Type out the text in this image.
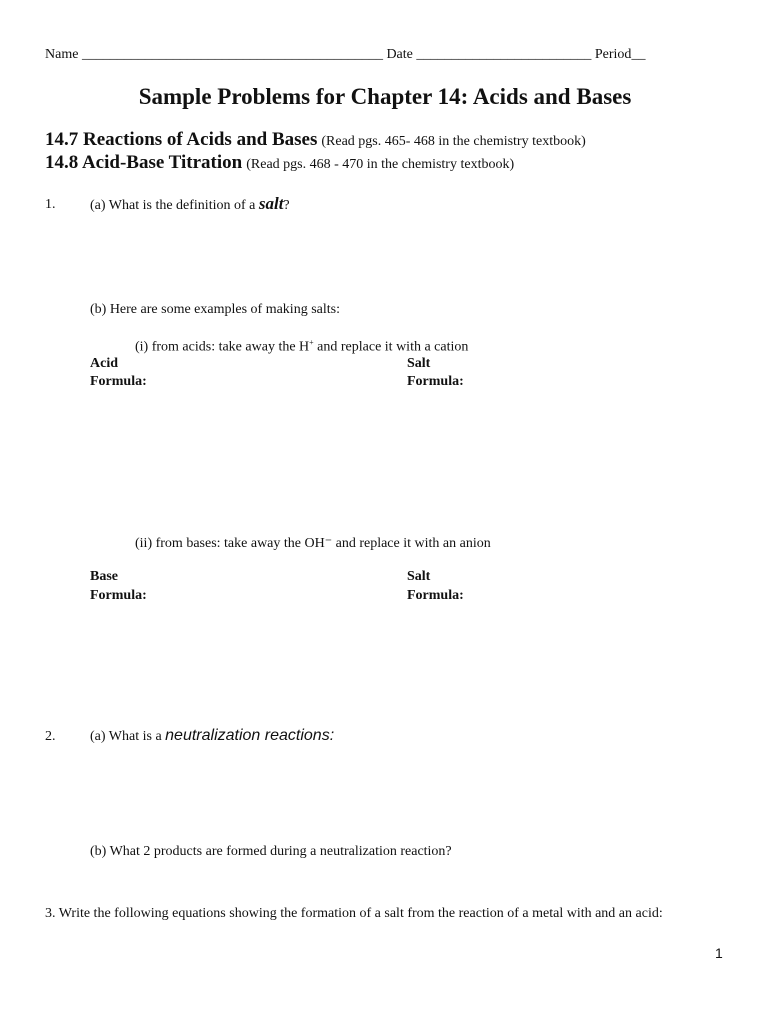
Name ___________________________________________ Date _________________________ Period__
Sample Problems for Chapter 14: Acids and Bases
14.7 Reactions of Acids and Bases (Read pgs. 465- 468 in the chemistry textbook)
14.8 Acid-Base Titration (Read pgs. 468 - 470 in the chemistry textbook)
1. (a) What is the definition of a salt?
(b) Here are some examples of making salts:
(i) from acids: take away the H+ and replace it with a cation
Acid
Formula:
Salt
Formula:
(ii) from bases: take away the OH⁻ and replace it with an anion
Base
Formula:
Salt
Formula:
2. (a) What is a neutralization reactions:
(b) What 2 products are formed during a neutralization reaction?
3. Write the following equations showing the formation of a salt from the reaction of a metal with and an acid:
1
